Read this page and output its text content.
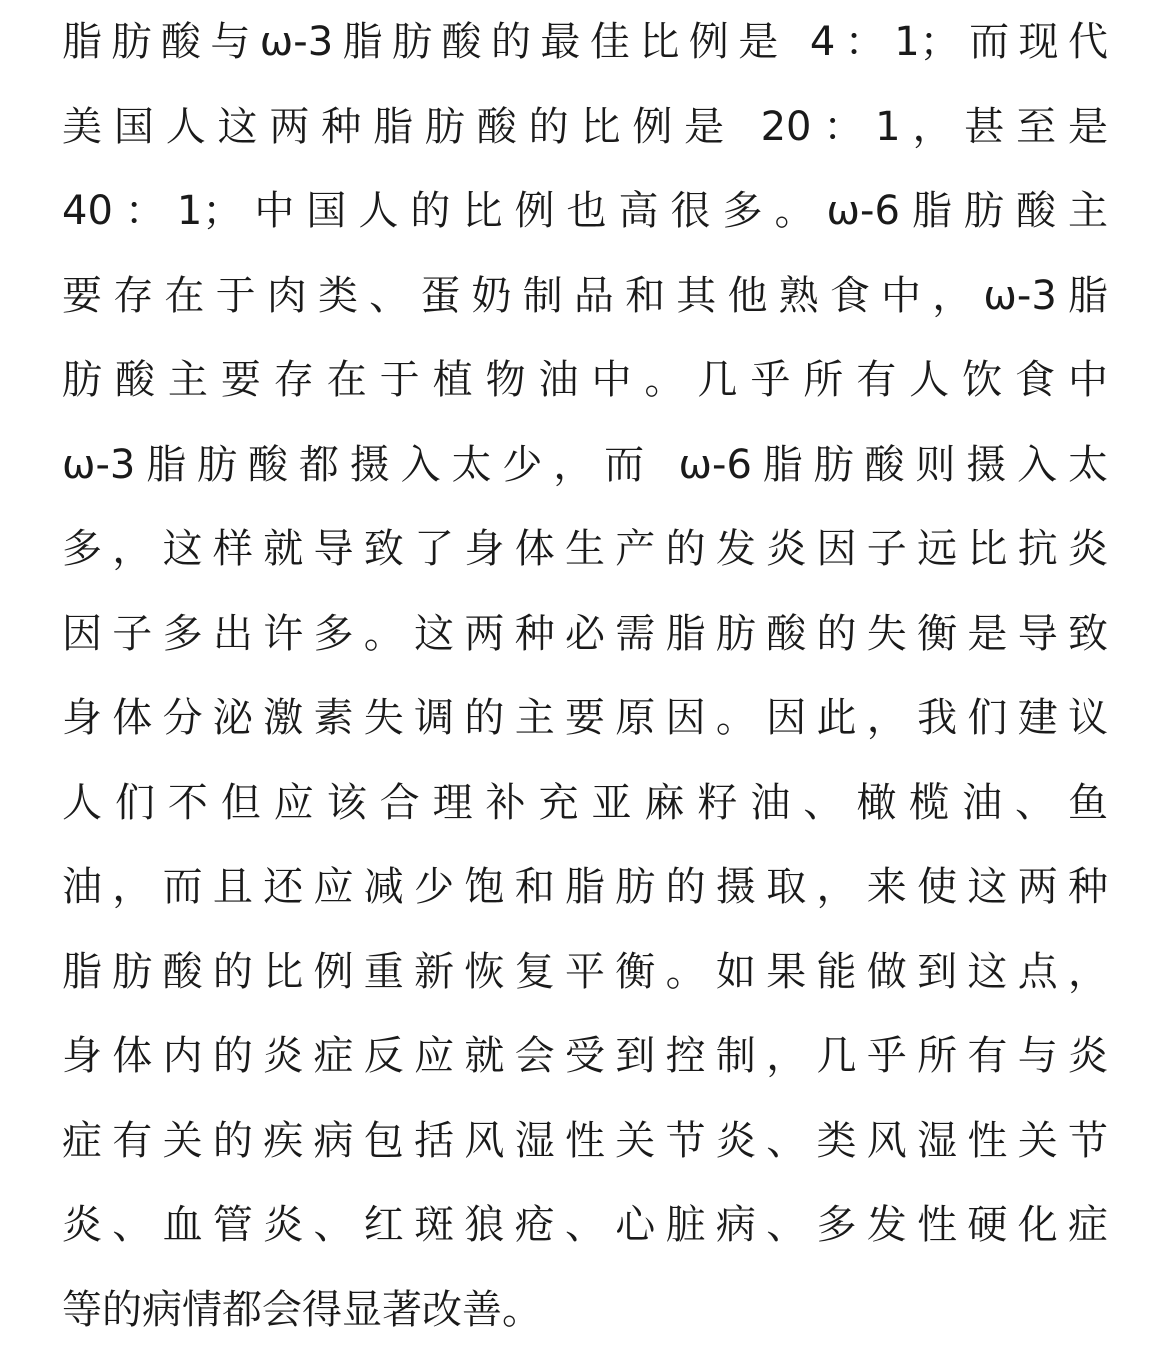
脂肪酸与ω-3脂肪酸的最佳比例是 4：1；而现代
美国人这两种脂肪酸的比例是 20：1，甚至是
40：1；中国人的比例也高很多。ω-6脂肪酸主
要存在于肉类、蛋奶制品和其他熟食中，ω-3脂
肪酸主要存在于植物油中。几乎所有人饮食中
ω-3脂肪酸都摄入太少，而 ω-6脂肪酸则摄入太
多，这样就导致了身体生产的发炎因子远比抗炎
因子多出许多。这两种必需脂肪酸的失衡是导致
身体分泌激素失调的主要原因。因此，我们建议
人们不但应该合理补充亚麻籽油、橄榄油、鱼
油，而且还应减少饱和脂肪的摄取，来使这两种
脂肪酸的比例重新恢复平衡。如果能做到这点，
身体内的炎症反应就会受到控制，几乎所有与炎
症有关的疾病包括风湿性关节炎、类风湿性关节
炎、血管炎、红斑狼疮、心脏病、多发性硬化症
等的病情都会得显著改善。
